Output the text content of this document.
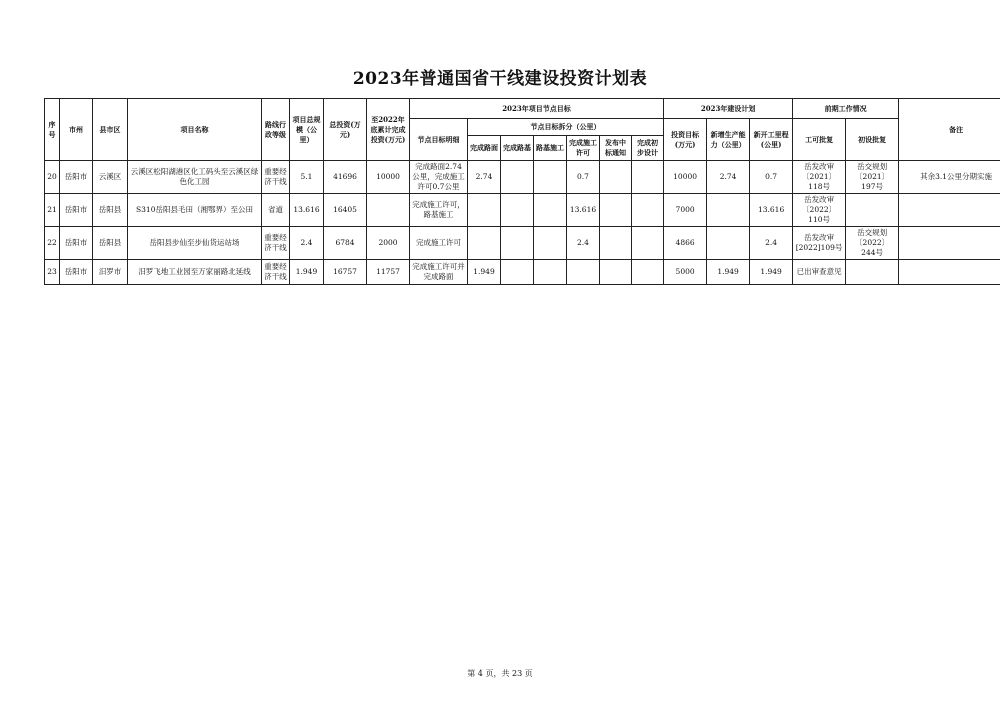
2023年普通国省干线建设投资计划表
序号	市州	县市区	项目名称	路线行政等级	项目总规模（公里）	总投资(万元)	至2022年底累计完成投资(万元)	2023年项目节点目标							2023年建设计划			前期工作情况		备注
								节点目标明细	节点目标拆分（公里）						投资目标(万元)	新增生产能力（公里）	新开工里程(公里)	工可批复	初设批复	
									完成路面	完成路基	路基施工	完成施工许可	发布中标通知	完成初步设计						
20	岳阳市	云溪区	云溪区松阳湖港区化工码头至云溪区绿色化工园	重要经济干线	5.1	41696	10000	完成路面2.74公里，完成施工许可0.7公里	2.74			0.7			10000	2.74	0.7	岳发改审〔2021〕118号	岳交规划〔2021〕197号	其余3.1公里分期实施
21	岳阳市	岳阳县	S310岳阳县毛田（湘鄂界）至公田	省道	13.616	16405		完成施工许可，路基施工				13.616			7000		13.616	岳发改审〔2022〕110号		
22	岳阳市	岳阳县	岳阳县步仙至步仙货运站场	重要经济干线	2.4	6784	2000	完成施工许可				2.4			4866		2.4	岳发改审[2022]109号	岳交规划〔2022〕244号	
23	岳阳市	汨罗市	汨罗飞地工业园至万家丽路北延线	重要经济干线	1.949	16757	11757	完成施工许可并完成路面	1.949						5000	1.949	1.949	已出审查意见		
第 4 页，共 23 页
